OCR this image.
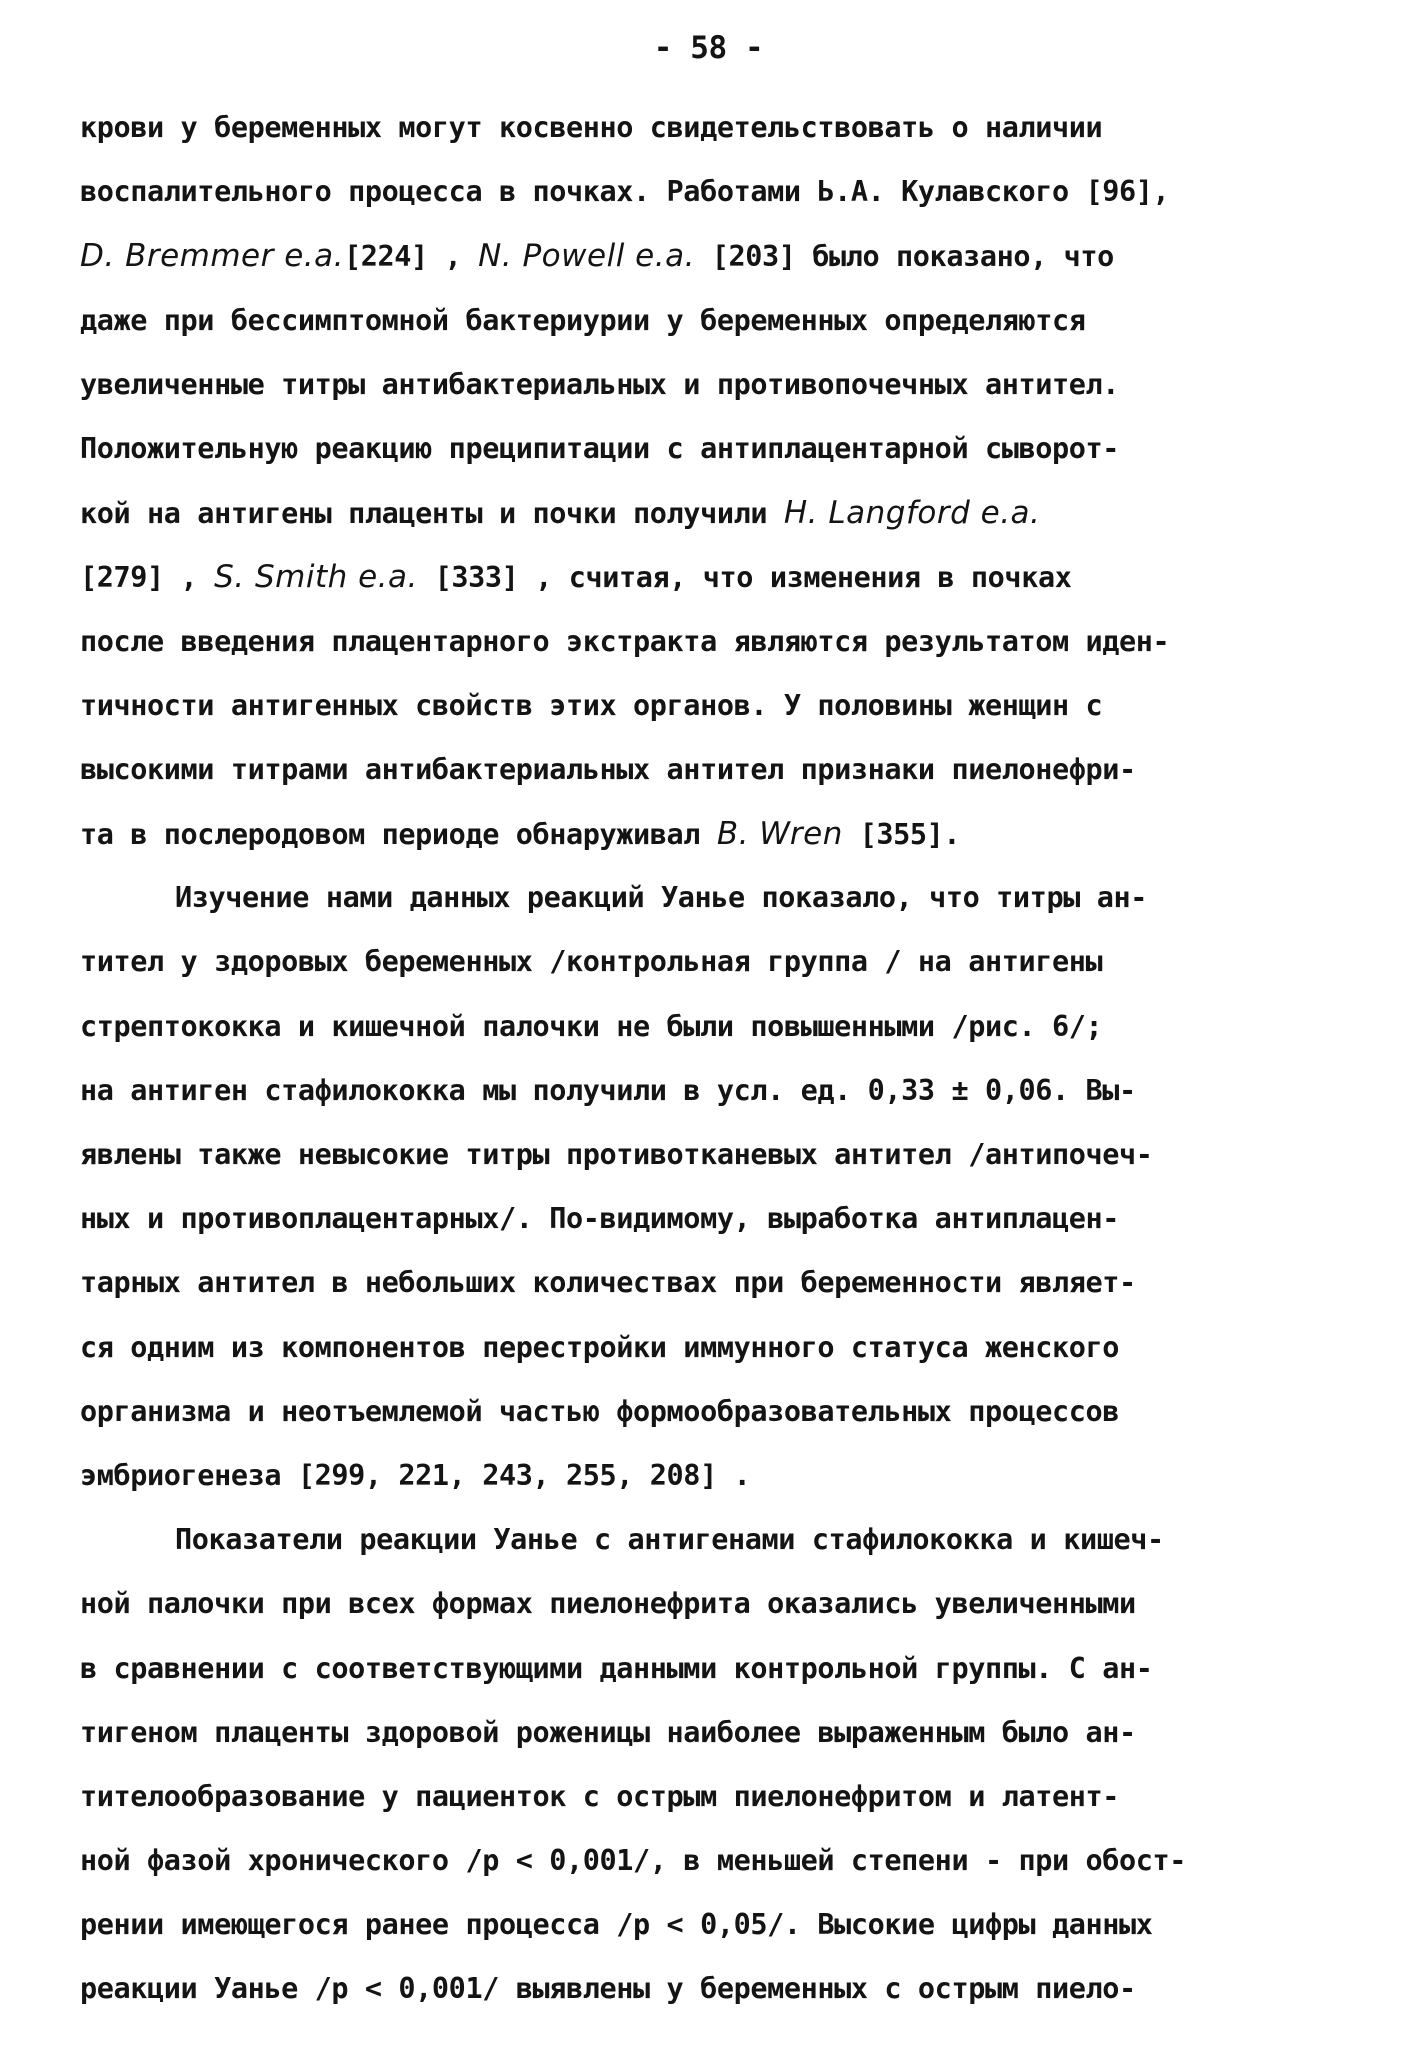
- 58 -
крови у беременных могут косвенно свидетельствовать о наличии
воспалительного процесса в почках. Работами Ь.А. Кулавского [96],
D. Bremmer e.a.[224] , N. Powell e.a. [203] было показано, что
даже при бессимптомной бактериурии у беременных определяются
увеличенные титры антибактериальных и противопочечных антител.
Положительную реакцию преципитации с антиплацентарной сыворот-
кой на антигены плаценты и почки получили H. Langford e.a.
[279] , S. Smith e.a. [333] , считая, что изменения в почках
после введения плацентарного экстракта являются результатом иден-
тичности антигенных свойств этих органов. У половины женщин с
высокими титрами антибактериальных антител признаки пиелонефри-
та в послеродовом периоде обнаруживал B. Wren [355].
Изучение нами данных реакций Уанье показало, что титры ан-
тител у здоровых беременных /контрольная группа / на антигены
стрептококка и кишечной палочки не были повышенными /рис. 6/;
на антиген стафилококка мы получили в усл. ед. 0,33 ± 0,06. Вы-
явлены также невысокие титры противотканевых антител /антипочеч-
ных и противоплацентарных/. По-видимому, выработка антиплацен-
тарных антител в небольших количествах при беременности являет-
ся одним из компонентов перестройки иммунного статуса женского
организма и неотъемлемой частью формообразовательных процессов
эмбриогенеза [299, 221, 243, 255, 208] .
Показатели реакции Уанье с антигенами стафилококка и кишеч-
ной палочки при всех формах пиелонефрита оказались увеличенными
в сравнении с соответствующими данными контрольной группы. С ан-
тигеном плаценты здоровой роженицы наиболее выраженным было ан-
тителообразование у пациенток с острым пиелонефритом и латент-
ной фазой хронического /p < 0,001/, в меньшей степени - при обост-
рении имеющегося ранее процесса /p < 0,05/. Высокие цифры данных
реакции Уанье /p < 0,001/ выявлены у беременных с острым пиело-
